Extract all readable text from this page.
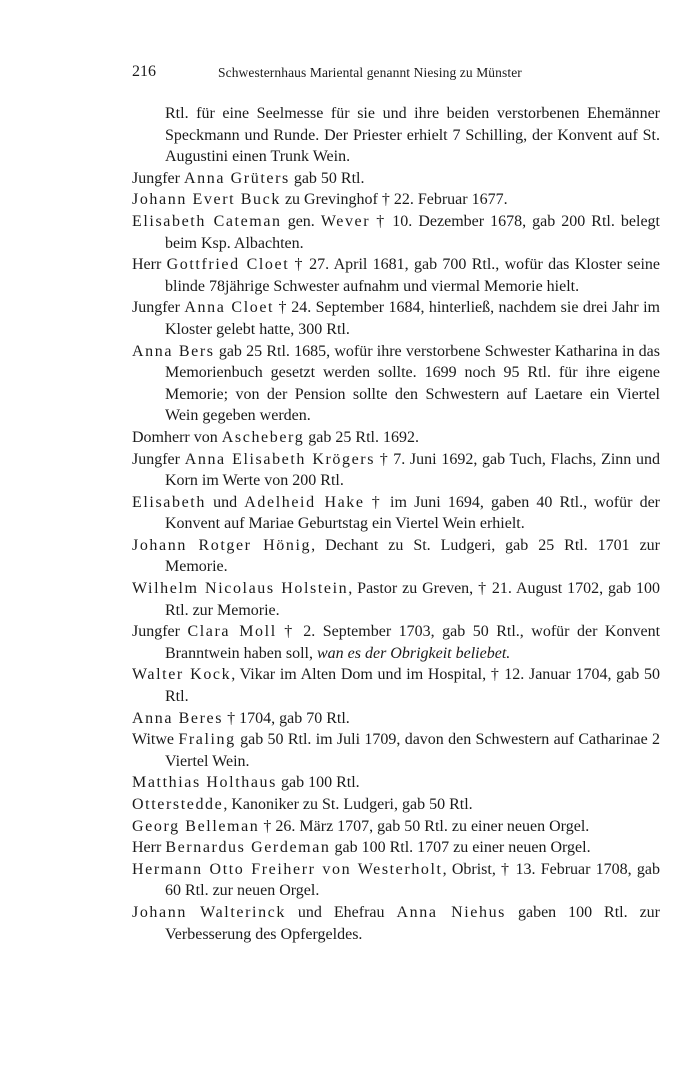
216	Schwesternhaus Mariental genannt Niesing zu Münster

Rtl. für eine Seelmesse für sie und ihre beiden verstorbenen Ehemänner Speckmann und Runde. Der Priester erhielt 7 Schilling, der Konvent auf St. Augustini einen Trunk Wein.

Jungfer Anna Grüters gab 50 Rtl.

Johann Evert Buck zu Grevinghof † 22. Februar 1677.

Elisabeth Cateman gen. Wever † 10. Dezember 1678, gab 200 Rtl. belegt beim Ksp. Albachten.

Herr Gottfried Cloet † 27. April 1681, gab 700 Rtl., wofür das Kloster seine blinde 78jährige Schwester aufnahm und viermal Memorie hielt.

Jungfer Anna Cloet † 24. September 1684, hinterließ, nachdem sie drei Jahr im Kloster gelebt hatte, 300 Rtl.

Anna Bers gab 25 Rtl. 1685, wofür ihre verstorbene Schwester Katharina in das Memorienbuch gesetzt werden sollte. 1699 noch 95 Rtl. für ihre eigene Memorie; von der Pension sollte den Schwestern auf Laetare ein Viertel Wein gegeben werden.

Domherr von Ascheberg gab 25 Rtl. 1692.

Jungfer Anna Elisabeth Krögers † 7. Juni 1692, gab Tuch, Flachs, Zinn und Korn im Werte von 200 Rtl.

Elisabeth und Adelheid Hake † im Juni 1694, gaben 40 Rtl., wofür der Konvent auf Mariae Geburtstag ein Viertel Wein erhielt.

Johann Rotger Hönig, Dechant zu St. Ludgeri, gab 25 Rtl. 1701 zur Memorie.

Wilhelm Nicolaus Holstein, Pastor zu Greven, † 21. August 1702, gab 100 Rtl. zur Memorie.

Jungfer Clara Moll † 2. September 1703, gab 50 Rtl., wofür der Konvent Branntwein haben soll, wan es der Obrigkeit beliebet.

Walter Kock, Vikar im Alten Dom und im Hospital, † 12. Januar 1704, gab 50 Rtl.

Anna Beres † 1704, gab 70 Rtl.

Witwe Fraling gab 50 Rtl. im Juli 1709, davon den Schwestern auf Catharinae 2 Viertel Wein.

Matthias Holthaus gab 100 Rtl.

Otterstedde, Kanoniker zu St. Ludgeri, gab 50 Rtl.

Georg Belleman † 26. März 1707, gab 50 Rtl. zu einer neuen Orgel.

Herr Bernardus Gerdeman gab 100 Rtl. 1707 zu einer neuen Orgel.

Hermann Otto Freiherr von Westerholt, Obrist, † 13. Februar 1708, gab 60 Rtl. zur neuen Orgel.

Johann Walterinck und Ehefrau Anna Niehus gaben 100 Rtl. zur Verbesserung des Opfergeldes.
